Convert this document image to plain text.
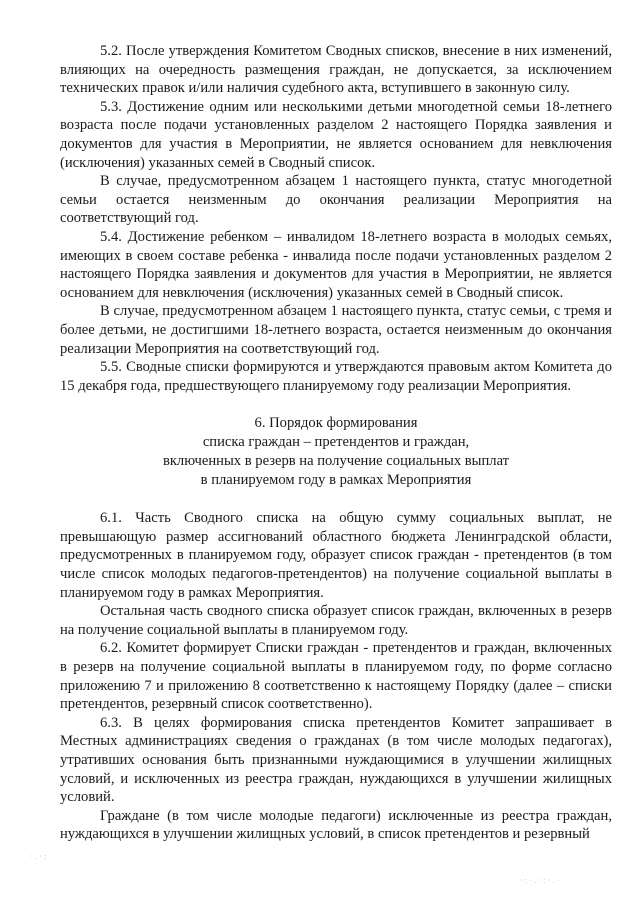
5.2. После утверждения Комитетом Сводных списков, внесение в них изменений, влияющих на очередность размещения граждан, не допускается, за исключением технических правок и/или наличия судебного акта, вступившего в законную силу.

5.3. Достижение одним или несколькими детьми многодетной семьи 18-летнего возраста после подачи установленных разделом 2 настоящего Порядка заявления и документов для участия в Мероприятии, не является основанием для невключения (исключения) указанных семей в Сводный список.

В случае, предусмотренном абзацем 1 настоящего пункта, статус многодетной семьи остается неизменным до окончания реализации Мероприятия на соответствующий год.

5.4. Достижение ребенком – инвалидом 18-летнего возраста в молодых семьях, имеющих в своем составе ребенка - инвалида после подачи установленных разделом 2 настоящего Порядка заявления и документов для участия в Мероприятии, не является основанием для невключения (исключения) указанных семей в Сводный список.

В случае, предусмотренном абзацем 1 настоящего пункта, статус семьи, с тремя и более детьми, не достигшими 18-летнего возраста, остается неизменным до окончания реализации Мероприятия на соответствующий год.

5.5. Сводные списки формируются и утверждаются правовым актом Комитета до 15 декабря года, предшествующего планируемому году реализации Мероприятия.

6. Порядок формирования
списка граждан – претендентов и граждан,
включенных в резерв на получение социальных выплат
в планируемом году в рамках Мероприятия

6.1. Часть Сводного списка на общую сумму социальных выплат, не превышающую размер ассигнований областного бюджета Ленинградской области, предусмотренных в планируемом году, образует список граждан - претендентов (в том числе список молодых педагогов-претендентов) на получение социальной выплаты в планируемом году в рамках Мероприятия.

Остальная часть сводного списка образует список граждан, включенных в резерв на получение социальной выплаты в планируемом году.

6.2. Комитет формирует Списки граждан - претендентов и граждан, включенных в резерв на получение социальной выплаты в планируемом году, по форме согласно приложению 7 и приложению 8 соответственно к настоящему Порядку (далее – списки претендентов, резервный список соответственно).

6.3. В целях формирования списка претендентов Комитет запрашивает в Местных администрациях сведения о гражданах (в том числе молодых педагогах), утративших основания быть признанными нуждающимися в улучшении жилищных условий, и исключенных из реестра граждан, нуждающихся в улучшении жилищных условий.

Граждане (в том числе молодые педагоги) исключенные из реестра граждан, нуждающихся в улучшении жилищных условий, в список претендентов и резервный

·.·:·
·:·.·:·.·
